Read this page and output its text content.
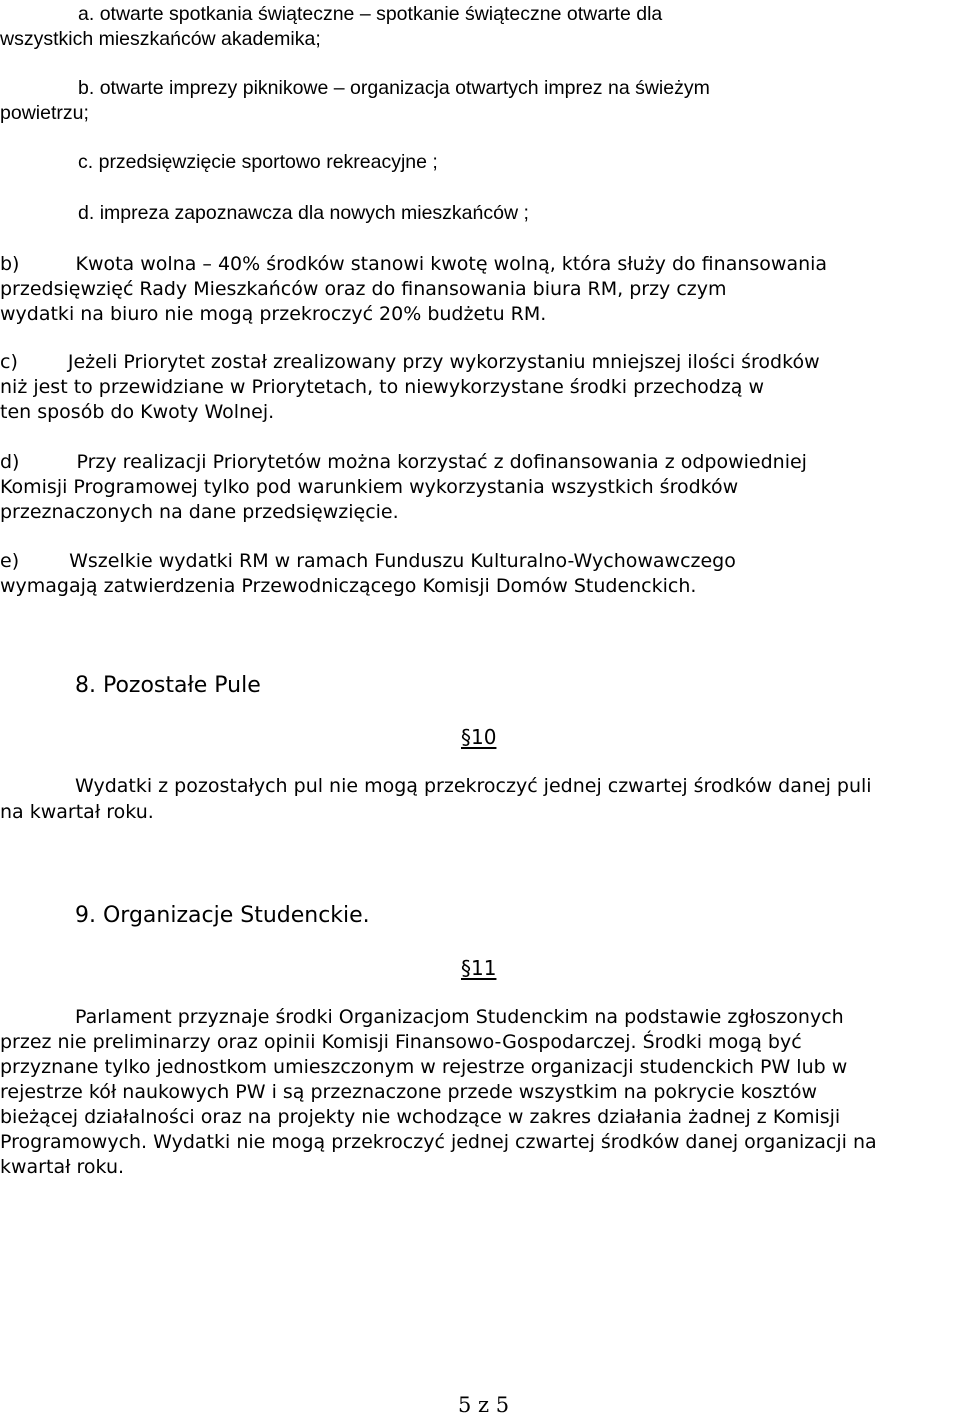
a. otwarte spotkania świąteczne – spotkanie świąteczne otwarte dla
wszystkich mieszkańców akademika;
b. otwarte imprezy piknikowe – organizacja otwartych imprez na świeżym
powietrzu;
c. przedsięwzięcie sportowo rekreacyjne ;
d. impreza zapoznawcza dla nowych mieszkańców ;
b)	Kwota wolna – 40% środków stanowi kwotę wolną, która służy do finansowania
przedsięwzięć Rady Mieszkańców oraz do finansowania biura RM, przy czym
wydatki na biuro nie mogą przekroczyć 20% budżetu RM.
c)	Jeżeli Priorytet został zrealizowany przy wykorzystaniu mniejszej ilości środków
niż jest to przewidziane w Priorytetach, to niewykorzystane środki przechodzą w
ten sposób do Kwoty Wolnej.
d)	Przy realizacji Priorytetów można korzystać z dofinansowania z odpowiedniej
Komisji Programowej tylko pod warunkiem wykorzystania wszystkich środków
przeznaczonych na dane przedsięwzięcie.
e)	Wszelkie wydatki RM w ramach Funduszu Kulturalno-Wychowawczego
wymagają zatwierdzenia Przewodniczącego Komisji Domów Studenckich.
8. Pozostałe Pule
§10
Wydatki z pozostałych pul nie mogą przekroczyć jednej czwartej środków danej puli
na kwartał roku.
9. Organizacje Studenckie.
§11
Parlament przyznaje środki Organizacjom Studenckim na podstawie zgłoszonych
przez nie preliminarzy oraz opinii Komisji Finansowo-Gospodarczej. Środki mogą być
przyznane tylko jednostkom umieszczonym w rejestrze organizacji studenckich PW lub w
rejestrze kół naukowych PW i są przeznaczone przede wszystkim na pokrycie kosztów
bieżącej działalności oraz na projekty nie wchodzące w zakres działania żadnej z Komisji
Programowych. Wydatki nie mogą przekroczyć jednej czwartej środków danej organizacji na
kwartał roku.
5 z 5
